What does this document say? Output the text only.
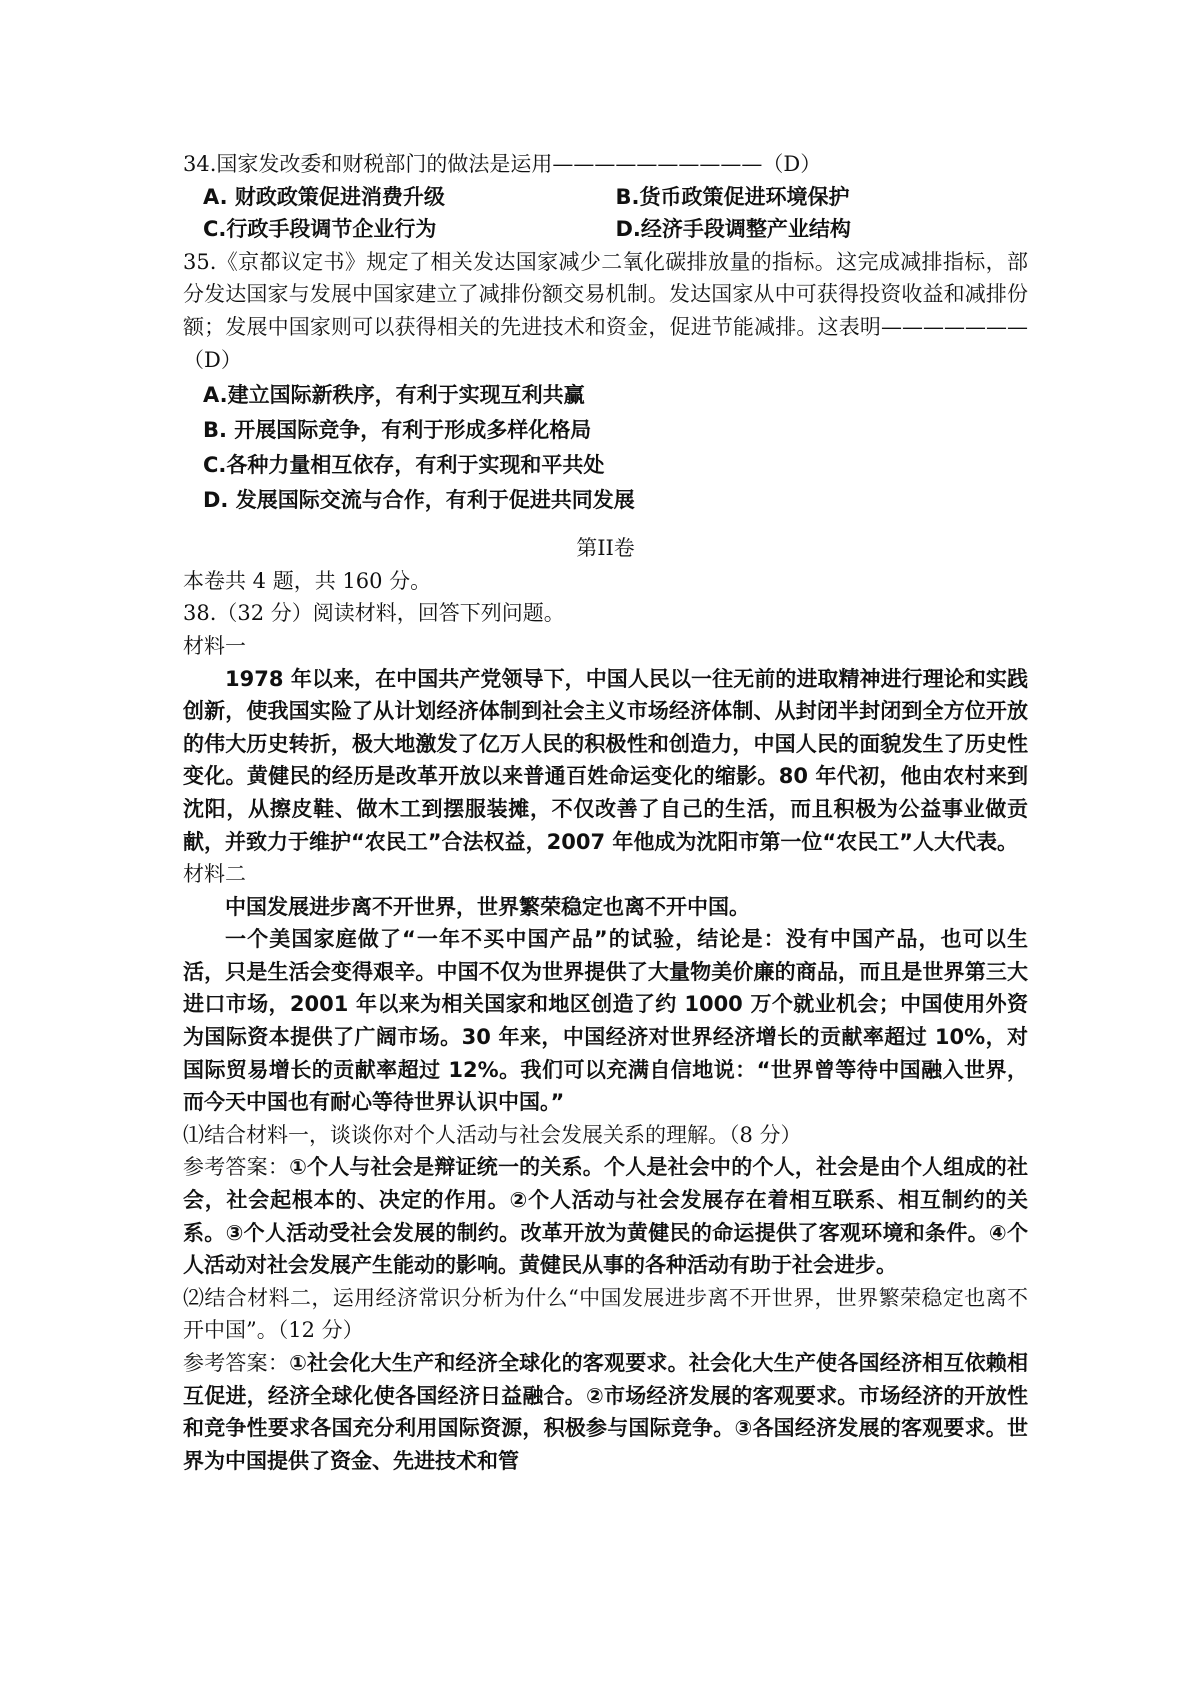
34.国家发改委和财税部门的做法是运用——————————（D）

A. 财政政策促进消费升级	B.货币政策促进环境保护
C.行政手段调节企业行为	D.经济手段调整产业结构

35.《京都议定书》规定了相关发达国家减少二氧化碳排放量的指标。这完成减排指标，部分发达国家与发展中国家建立了减排份额交易机制。发达国家从中可获得投资收益和减排份额；发展中国家则可以获得相关的先进技术和资金，促进节能减排。这表明———————（D）

A.建立国际新秩序，有利于实现互利共赢

B. 开展国际竞争，有利于形成多样化格局

C.各种力量相互依存，有利于实现和平共处

D. 发展国际交流与合作，有利于促进共同发展

第II卷

本卷共 4 题，共 160 分。

38.（32 分）阅读材料，回答下列问题。

材料一

1978 年以来，在中国共产党领导下，中国人民以一往无前的进取精神进行理论和实践创新，使我国实险了从计划经济体制到社会主义市场经济体制、从封闭半封闭到全方位开放的伟大历史转折，极大地激发了亿万人民的积极性和创造力，中国人民的面貌发生了历史性变化。黄健民的经历是改革开放以来普通百姓命运变化的缩影。80 年代初，他由农村来到沈阳，从擦皮鞋、做木工到摆服装摊，不仅改善了自己的生活，而且积极为公益事业做贡献，并致力于维护“农民工”合法权益，2007 年他成为沈阳市第一位“农民工”人大代表。

材料二

中国发展进步离不开世界，世界繁荣稳定也离不开中国。

一个美国家庭做了“一年不买中国产品”的试验，结论是：没有中国产品，也可以生活，只是生活会变得艰辛。中国不仅为世界提供了大量物美价廉的商品，而且是世界第三大进口市场，2001 年以来为相关国家和地区创造了约 1000 万个就业机会；中国使用外资为国际资本提供了广阔市场。30 年来，中国经济对世界经济增长的贡献率超过 10%，对国际贸易增长的贡献率超过 12%。我们可以充满自信地说：“世界曾等待中国融入世界，而今天中国也有耐心等待世界认识中国。”

⑴结合材料一，谈谈你对个人活动与社会发展关系的理解。（8 分）

参考答案：①个人与社会是辩证统一的关系。个人是社会中的个人，社会是由个人组成的社会，社会起根本的、决定的作用。②个人活动与社会发展存在着相互联系、相互制约的关系。③个人活动受社会发展的制约。改革开放为黄健民的命运提供了客观环境和条件。④个人活动对社会发展产生能动的影响。黄健民从事的各种活动有助于社会进步。

⑵结合材料二，运用经济常识分析为什么“中国发展进步离不开世界，世界繁荣稳定也离不开中国”。（12 分）

参考答案：①社会化大生产和经济全球化的客观要求。社会化大生产使各国经济相互依赖相互促进，经济全球化使各国经济日益融合。②市场经济发展的客观要求。市场经济的开放性和竞争性要求各国充分利用国际资源，积极参与国际竞争。③各国经济发展的客观要求。世界为中国提供了资金、先进技术和管
